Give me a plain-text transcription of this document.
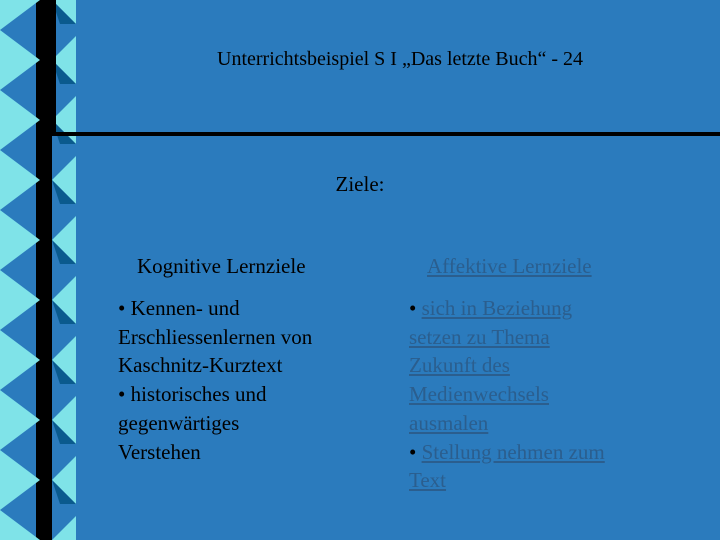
Unterrichtsbeispiel S I „Das letzte Buch“ - 24
Ziele:
Kognitive Lernziele	Affektive Lernziele
• Kennen- und
Erschliessenlernen von
Kaschnitz-Kurztext
• historisches und
gegenwärtiges
Verstehen
• sich in Beziehung
setzen zu Thema
Zukunft des
Medienwechsels
ausmalen
• Stellung nehmen zum
Text
